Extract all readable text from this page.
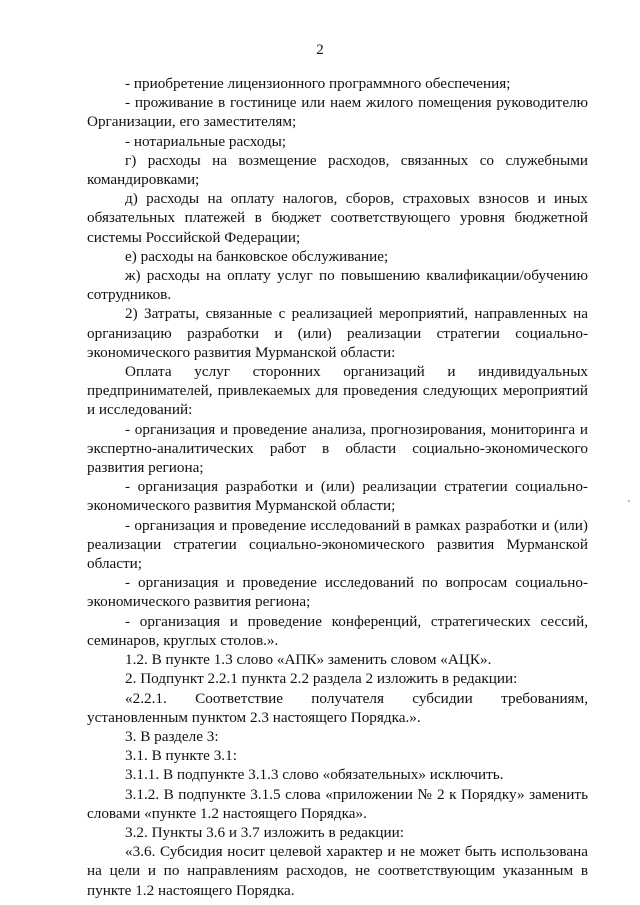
2

- приобретение лицензионного программного обеспечения;

- проживание в гостинице или наем жилого помещения руководителю Организации, его заместителям;

- нотариальные расходы;

г) расходы на возмещение расходов, связанных со служебными командировками;

д) расходы на оплату налогов, сборов, страховых взносов и иных обязательных платежей в бюджет соответствующего уровня бюджетной системы Российской Федерации;

е) расходы на банковское обслуживание;

ж) расходы на оплату услуг по повышению квалификации/обучению сотрудников.

2) Затраты, связанные с реализацией мероприятий, направленных на организацию разработки и (или) реализации стратегии социально-экономического развития Мурманской области:

Оплата услуг сторонних организаций и индивидуальных предпринимателей, привлекаемых для проведения следующих мероприятий и исследований:

- организация и проведение анализа, прогнозирования, мониторинга и экспертно-аналитических работ в области социально-экономического развития региона;

- организация разработки и (или) реализации стратегии социально-экономического развития Мурманской области;

- организация и проведение исследований в рамках разработки и (или) реализации стратегии социально-экономического развития Мурманской области;

- организация и проведение исследований по вопросам социально-экономического развития региона;

- организация и проведение конференций, стратегических сессий, семинаров, круглых столов.».

1.2. В пункте 1.3 слово «АПК» заменить словом «АЦК».

2. Подпункт 2.2.1 пункта 2.2 раздела 2 изложить в редакции:

«2.2.1. Соответствие получателя субсидии требованиям, установленным пунктом 2.3 настоящего Порядка.».

3. В разделе 3:

3.1. В пункте 3.1:

3.1.1. В подпункте 3.1.3 слово «обязательных» исключить.

3.1.2. В подпункте 3.1.5 слова «приложении № 2 к Порядку» заменить словами «пункте 1.2 настоящего Порядка».

3.2. Пункты 3.6 и 3.7 изложить в редакции:

«3.6. Субсидия носит целевой характер и не может быть использована на цели и по направлениям расходов, не соответствующим указанным в пункте 1.2 настоящего Порядка.
